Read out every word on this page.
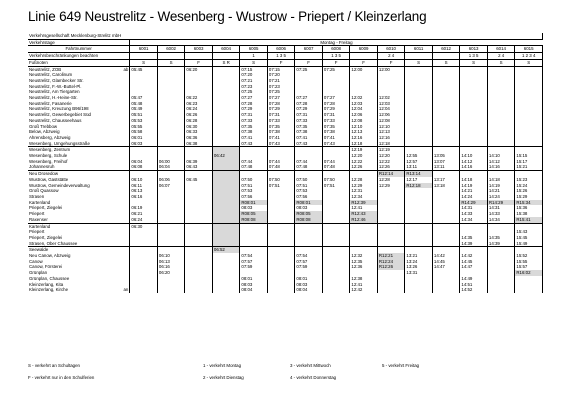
Linie 649 Neustrelitz - Wesenberg - Wustrow - Priepert / Kleinzerlang
Verkehrsgesellschaft Mecklenburg-Strelitz mbH															
Verkehrstage	Montag - Freitag														
Fahrtnummer	6001	6002	6003	6004	6005	6006	6007	6008	6009	6010	6011	6012	6013	6014	6015
Verkehrsbeschränkungen beachten					1	1 3 5		1 3 5		2 4			1 3 5	2 4	1 2 3 4
Fußnoten	S	S	F	S R	S	F	F	F	F	F	S	S	S	S	S
Neustrelitz, ZOB ab	05:45		06:20		07:15	07:15	07:25	07:25	12:00	12:00					
Neustrelitz, Carolinum					07:20	07:20									
Neustrelitz, Glambecker Str.					07:21	07:21									
Neustrelitz, F.-W.-Buttel-Pl.					07:23	07:23									
Neustrelitz, Am Tiergarten					07:25	07:25									
Neustrelitz, H.-Heine-Str.	05:47		06:22		07:27	07:27	07:27	07:27	12:02	12:02					
Neustrelitz, Fasanerie	05:48		06:23		07:28	07:28	07:28	07:28	12:03	12:03					
Neustrelitz, Kreuzung B96/198	05:49		06:24		07:29	07:29	07:29	07:29	12:04	12:04					
Neustrelitz, Gewerbegebiet Süd	05:51		06:26		07:31	07:31	07:31	07:31	12:06	12:06					
Neustrelitz, Chausseehaus	05:53		06:28		07:33	07:33	07:33	07:33	12:08	12:08					
Groß Trebbow	05:55		06:30		07:35	07:35	07:35	07:35	12:10	12:10					
Below, Abzweig	05:58		06:33		07:38	07:38	07:38	07:38	12:13	12:13					
Ahrensberg, Abzweig	06:01		06:36		07:41	07:41	07:41	07:41	12:16	12:16					
Wesenberg, Umgehungsstraße	06:03		06:38		07:43	07:43	07:43	07:43	12:18	12:18					
Wesenberg, Zentrum									12:19	12:19					
Wesenberg, Schule				06:42					12:20	12:20	12:55	13:05	14:10	14:10	15:15
Wesenberg, Freihof	06:04	06:00	06:39		07:44	07:44	07:44	07:44	12:22	12:22	12:57	13:07	14:12	14:12	15:17
Johannesruh	06:08	06:04	06:43		07:48	07:48	07:48	07:48	12:26	12:26	13:11	13:11	14:16	14:16	15:21
Neu Drosedow										R12:14	R13:14				
Wustrow, Gaststätte	06:10	06:06	06:45		07:50	07:50	07:50	07:50	12:28	12:28	12:17	13:17	14:18	14:18	15:23
Wustrow, Gemeindeverwaltung	06:11	06:07			07:51	07:51	07:51	07:51	12:29	12:29	R12:18	13:18	14:19	14:19	15:24
Groß Quassow	06:13				07:53		07:53		12:31				14:21	14:21	15:26
Strasen	06:16				07:56		07:56		12:34				14:24	14:24	15:29
Kartenland					R08:01		R08:01		R12:39				R14:29	R14:29	R15:34
Priepert, Ziegelei	06:19				08:03		08:03		12:41				14:31	14:31	15:36
Priepert	06:21				R08:05		R08:05		R12:43				14:33	14:33	15:38
Raxenser	06:24				R08:08		R08:08		R12:46				14:34	14:34	R15:41
Kartenland	06:30														
Priepert															15:43
Priepert, Ziegelei													14:35	14:35	15:45
Strasen, Ober Chaussee													14:39	14:39	15:49
Seewalde				06:52											
Neu Canow, Abzweig		06:10			07:54		07:54		12:32	R12:21	13:21	14:42	14:42		15:52
Canow		06:13			07:57		07:57		12:35	R12:24	13:24	14:45	14:45		15:55
Canow, Försterei		06:16			07:59		07:59		12:36	R12:26	13:26	14:47	14:47		15:57
Grünplan		06:20									13:31				R16:02
Grünplan, Chaussee					08:01		08:01		12:38				14:49		
Kleinzerlang, Kita					08:03		08:03		12:41				14:51		
Kleinzerlang, Kirche an					08:04		08:04		12:42				14:52		
S - verkehrt an Schultagen	1 - verkehrt Montag	3 - verkehrt Mittwoch	5 - verkehrt Freitag
F - verkehrt nur in den Schulferien	2 - verkehrt Dienstag	4 - verkehrt Donnerstag
